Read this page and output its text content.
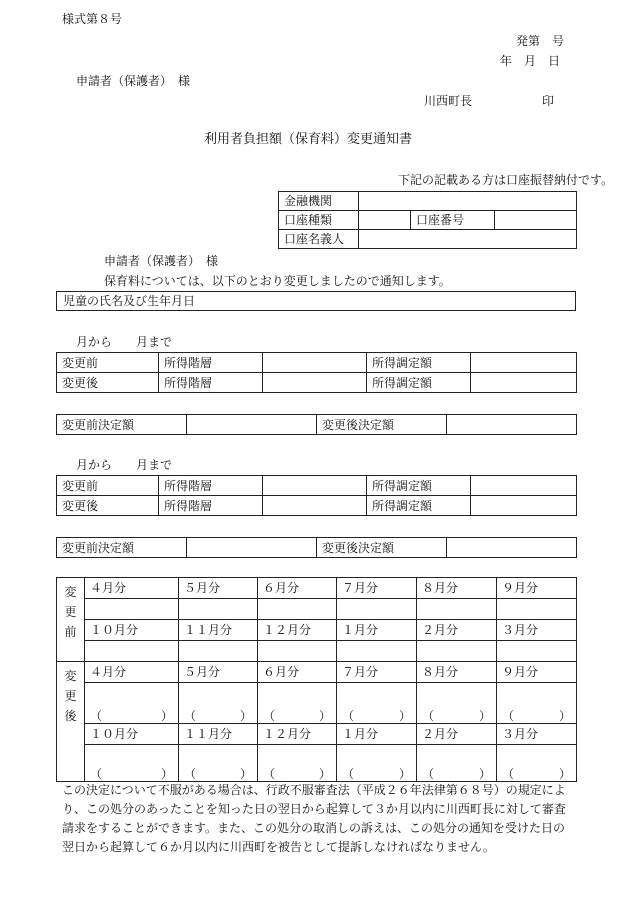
様式第８号
発第　号
年　月　日
申請者（保護者）　様
川西町長	印
利用者負担額（保育料）変更通知書
下記の記載ある方は口座振替納付です。
金融機関			
口座種類		口座番号	
口座名義人			
申請者（保護者）　様
保育料については、以下のとおり変更しましたので通知します。
児童の氏名及び生年月日
月から　　月まで
変更前	所得階層		所得調定額	
変更後	所得階層		所得調定額	
変更前決定額		変更後決定額	
月から　　月まで
変更前	所得階層		所得調定額	
変更後	所得階層		所得調定額	
変更前決定額		変更後決定額	
変
更
前	４月分	５月分	６月分	７月分	８月分	９月分

	１０月分	１１月分	１２月分	１月分	２月分	３月分

変
更
後	４月分	５月分	６月分	７月分	８月分	９月分

	（ ）	（ ）	（ ）	（ ）	（ ）	（ ）

	１０月分	１１月分	１２月分	１月分	２月分	３月分

	（ ）	（ ）	（ ）	（ ）	（ ）	（ ）
この決定について不服がある場合は、行政不服審査法（平成２６年法律第６８号）の規定により、この処分のあったことを知った日の翌日から起算して３か月以内に川西町長に対して審査請求をすることができます。また、この処分の取消しの訴えは、この処分の通知を受けた日の翌日から起算して６か月以内に川西町を被告として提訴しなければなりません。
